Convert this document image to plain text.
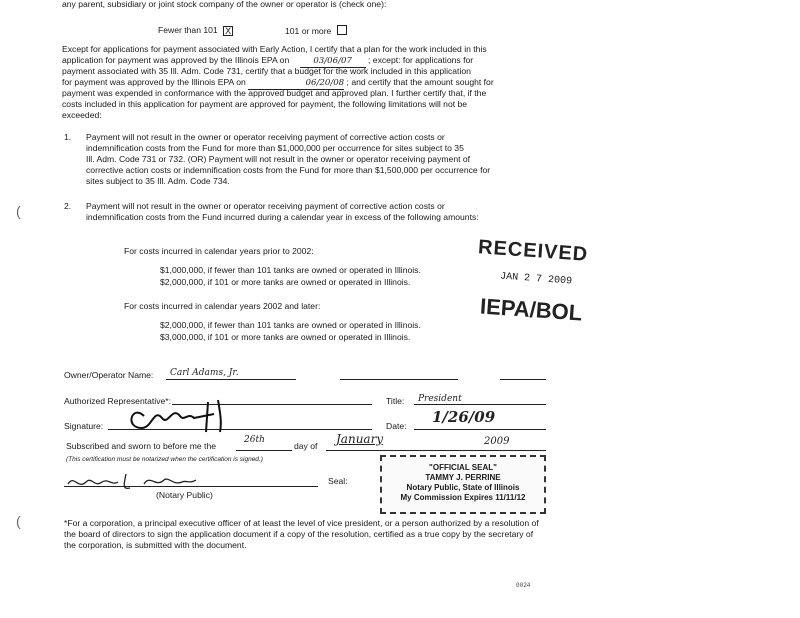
any parent, subsidiary or joint stock company of the owner or operator is (check one):
Fewer than 101 X	101 or more
Except for applications for payment associated with Early Action, I certify that a plan for the work included in this
application for payment was approved by the Illinois EPA on	03/06/07 ; except: for applications for
payment associated with 35 Ill. Adm. Code 731, certify that a budget for the work included in this application
for payment was approved by the Illinois EPA on	06/20/08 ; and certify that the amount sought for
payment was expended in conformance with the approved budget and approved plan. I further certify that, if the
costs included in this application for payment are approved for payment, the following limitations will not be
exceeded:
1. Payment will not result in the owner or operator receiving payment of corrective action costs or
indemnification costs from the Fund for more than $1,000,000 per occurrence for sites subject to 35
Ill. Adm. Code 731 or 732. (OR) Payment will not result in the owner or operator receiving payment of
corrective action costs or indemnification costs from the Fund for more than $1,500,000 per occurrence for
sites subject to 35 Ill. Adm. Code 734.
2. Payment will not result in the owner or operator receiving payment of corrective action costs or
indemnification costs from the Fund incurred during a calendar year in excess of the following amounts:
For costs incurred in calendar years prior to 2002:
$1,000,000, if fewer than 101 tanks are owned or operated in Illinois.
$2,000,000, if 101 or more tanks are owned or operated in Illinois.
For costs incurred in calendar years 2002 and later:
$2,000,000, if fewer than 101 tanks are owned or operated in Illinois.
$3,000,000, if 101 or more tanks are owned or operated in Illinois.
RECEIVED
JAN 2 7 2009
IEPA/BOL
Owner/Operator Name: Carl Adams, Jr.
Authorized Representative*:	Title: President
Signature:	Date: 1/26/09
Subscribed and sworn to before me the
26th
day of January	2009
(This certification must be notarized when the certification is signed.)
(Notary Public)
Seal:
"OFFICIAL SEAL"
TAMMY J. PERRINE
Notary Public, State of Illinois
My Commission Expires 11/11/12
*For a corporation, a principal executive officer of at least the level of vice president, or a person authorized by a resolution of
the board of directors to sign the application document if a copy of the resolution, certified as a true copy by the secretary of
the corporation, is submitted with the document.
0024
(
(
